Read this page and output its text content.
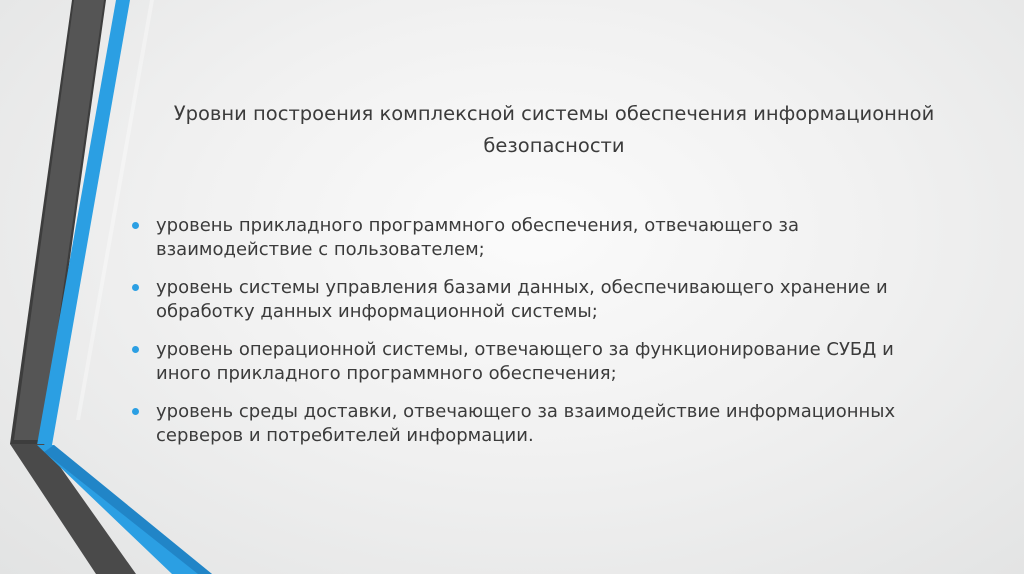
Уровни построения комплексной системы обеспечения информационной
безопасности
уровень прикладного программного обеспечения, отвечающего за
взаимодействие с пользователем;
уровень системы управления базами данных, обеспечивающего хранение и
обработку данных информационной системы;
уровень операционной системы, отвечающего за функционирование СУБД и
иного прикладного программного обеспечения;
уровень среды доставки, отвечающего за взаимодействие информационных
серверов и потребителей информации.
